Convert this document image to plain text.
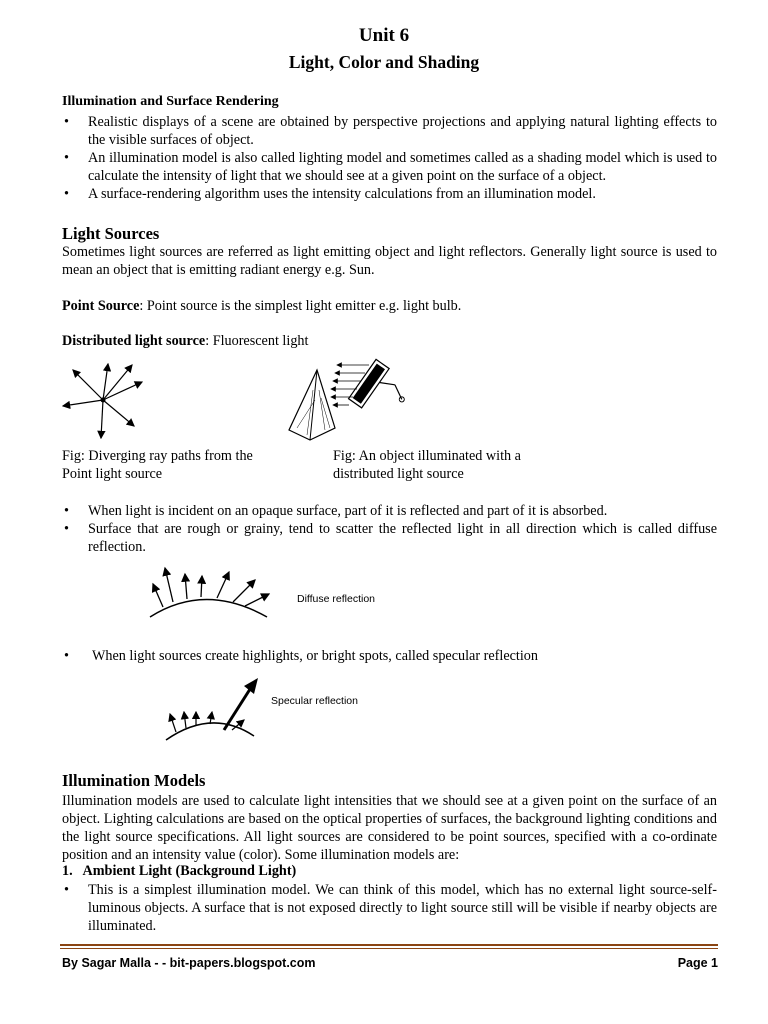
Unit 6
Light, Color and Shading
Illumination and Surface Rendering
• Realistic displays of a scene are obtained by perspective projections and applying natural lighting effects to the visible surfaces of object.
• An illumination model is also called lighting model and sometimes called as a shading model which is used to calculate the intensity of light that we should see at a given point on the surface of a object.
• A surface-rendering algorithm uses the intensity calculations from an illumination model.
Light Sources
Sometimes light sources are referred as light emitting object and light reflectors. Generally light source is used to mean an object that is emitting radiant energy e.g. Sun.
Point Source: Point source is the simplest light emitter e.g. light bulb.
Distributed light source: Fluorescent light
Fig: Diverging ray paths from the
Point light source
Fig: An object illuminated with a
distributed light source
• When light is incident on an opaque surface, part of it is reflected and part of it is absorbed.
• Surface that are rough or grainy, tend to scatter the reflected light in all direction which is called diffuse reflection.
Diffuse reflection
• When light sources create highlights, or bright spots, called specular reflection
Specular reflection
Illumination Models
Illumination models are used to calculate light intensities that we should see at a given point on the surface of an object. Lighting calculations are based on the optical properties of surfaces, the background lighting conditions and the light source specifications. All light sources are considered to be point sources, specified with a co-ordinate position and an intensity value (color). Some illumination models are:
1.   Ambient Light (Background Light)
• This is a simplest illumination model. We can think of this model, which has no external light source-self-luminous objects. A surface that is not exposed directly to light source still will be visible if nearby objects are illuminated.
By Sagar Malla - - bit-papers.blogspot.com	Page 1
